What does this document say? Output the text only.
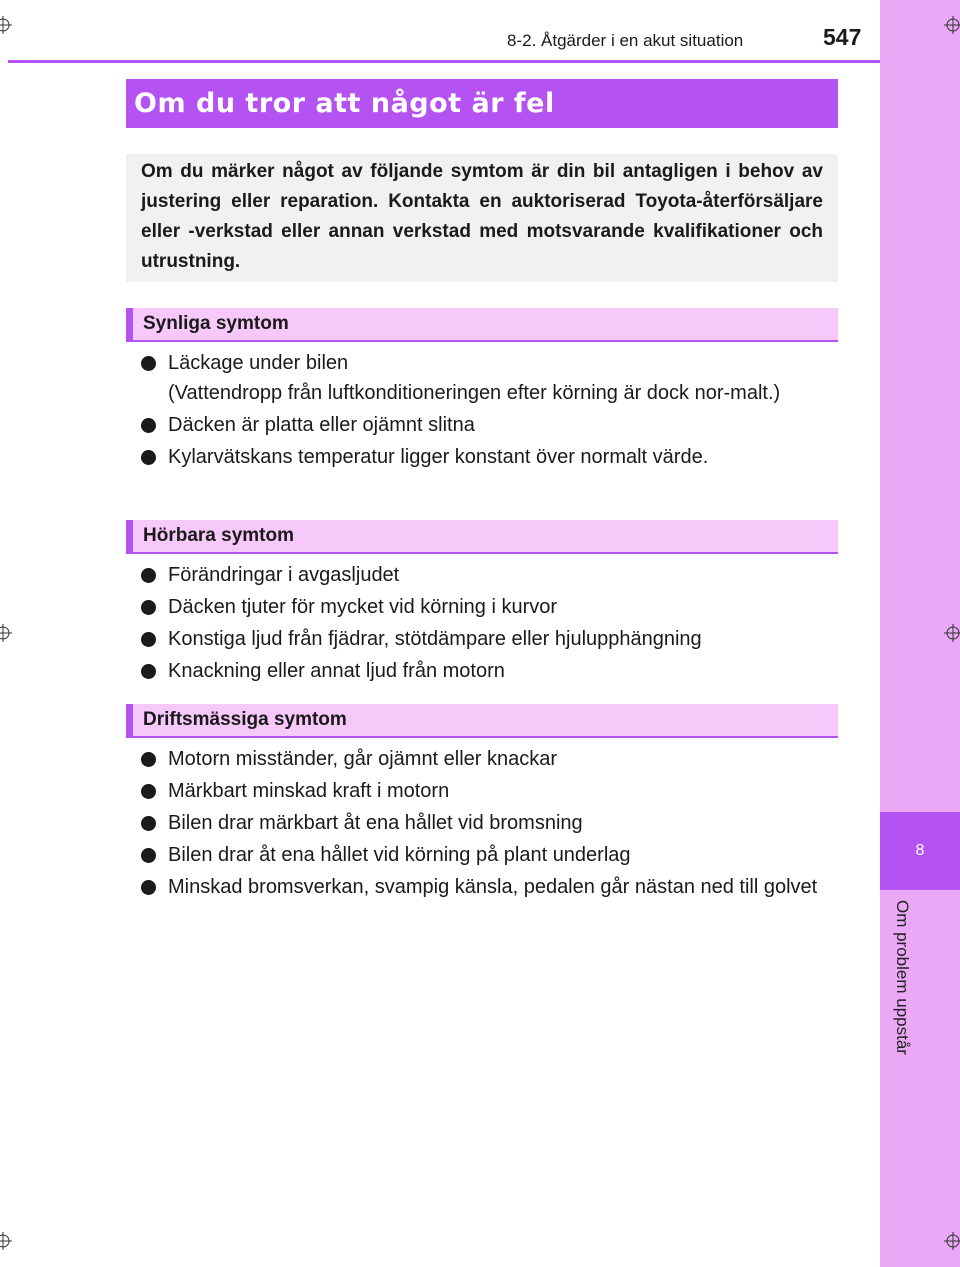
8
Om problem uppstår
8-2. Åtgärder i en akut situation	547
Om du tror att något är fel
Om du märker något av följande symtom är din bil antagligen i behov av justering eller reparation. Kontakta en auktoriserad Toyota-återförsäljare eller -verkstad eller annan verkstad med motsvarande kvalifikationer och utrustning.
Synliga symtom
Läckage under bilen
(Vattendropp från luftkonditioneringen efter körning är dock nor-malt.)
Däcken är platta eller ojämnt slitna
Kylarvätskans temperatur ligger konstant över normalt värde.
Hörbara symtom
Förändringar i avgasljudet
Däcken tjuter för mycket vid körning i kurvor
Konstiga ljud från fjädrar, stötdämpare eller hjulupphängning
Knackning eller annat ljud från motorn
Driftsmässiga symtom
Motorn misständer, går ojämnt eller knackar
Märkbart minskad kraft i motorn
Bilen drar märkbart åt ena hållet vid bromsning
Bilen drar åt ena hållet vid körning på plant underlag
Minskad bromsverkan, svampig känsla, pedalen går nästan ned till golvet
